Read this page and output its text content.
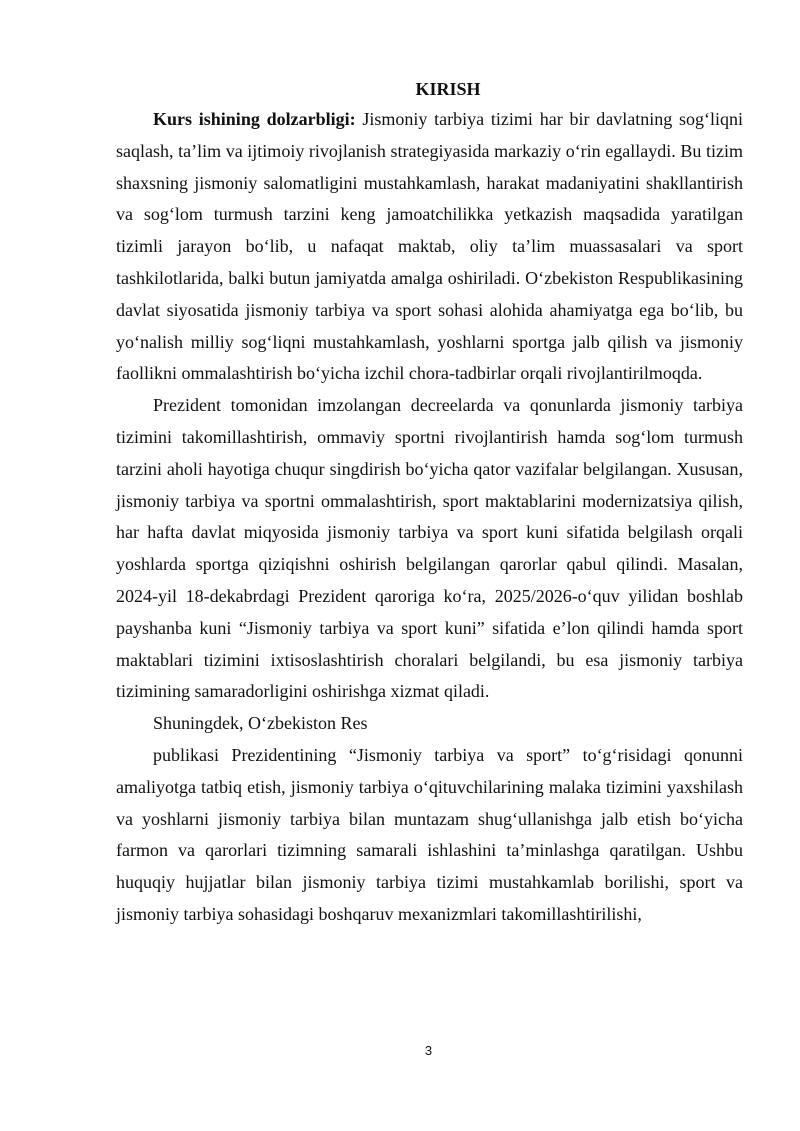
KIRISH

Kurs ishining dolzarbligi: Jismoniy tarbiya tizimi har bir davlatning sog‘liqni saqlash, ta’lim va ijtimoiy rivojlanish strategiyasida markaziy o‘rin egallaydi. Bu tizim shaxsning jismoniy salomatligini mustahkamlash, harakat madaniyatini shakllantirish va sog‘lom turmush tarzini keng jamoatchilikka yetkazish maqsadida yaratilgan tizimli jarayon bo‘lib, u nafaqat maktab, oliy ta’lim muassasalari va sport tashkilotlarida, balki butun jamiyatda amalga oshiriladi. O‘zbekiston Respublikasining davlat siyosatida jismoniy tarbiya va sport sohasi alohida ahamiyatga ega bo‘lib, bu yo‘nalish milliy sog‘liqni mustahkamlash, yoshlarni sportga jalb qilish va jismoniy faollikni ommalashtirish bo‘yicha izchil chora-tadbirlar orqali rivojlantirilmoqda.

Prezident tomonidan imzolangan decreelarda va qonunlarda jismoniy tarbiya tizimini takomillashtirish, ommaviy sportni rivojlantirish hamda sog‘lom turmush tarzini aholi hayotiga chuqur singdirish bo‘yicha qator vazifalar belgilangan. Xususan, jismoniy tarbiya va sportni ommalashtirish, sport maktablarini modernizatsiya qilish, har hafta davlat miqyosida jismoniy tarbiya va sport kuni sifatida belgilash orqali yoshlarda sportga qiziqishni oshirish belgilangan qarorlar qabul qilindi. Masalan, 2024-yil 18-dekabrdagi Prezident qaroriga ko‘ra, 2025/2026-o‘quv yilidan boshlab payshanba kuni “Jismoniy tarbiya va sport kuni” sifatida e’lon qilindi hamda sport maktablari tizimini ixtisoslashtirish choralari belgilandi, bu esa jismoniy tarbiya tizimining samaradorligini oshirishga xizmat qiladi.

Shuningdek, O‘zbekiston Res

publikasi Prezidentining “Jismoniy tarbiya va sport” to‘g‘risidagi qonunni amaliyotga tatbiq etish, jismoniy tarbiya o‘qituvchilarining malaka tizimini yaxshilash va yoshlarni jismoniy tarbiya bilan muntazam shug‘ullanishga jalb etish bo‘yicha farmon va qarorlari tizimning samarali ishlashini ta’minlashga qaratilgan. Ushbu huquqiy hujjatlar bilan jismoniy tarbiya tizimi mustahkamlab borilishi, sport va jismoniy tarbiya sohasidagi boshqaruv mexanizmlari takomillashtirilishi,

3
